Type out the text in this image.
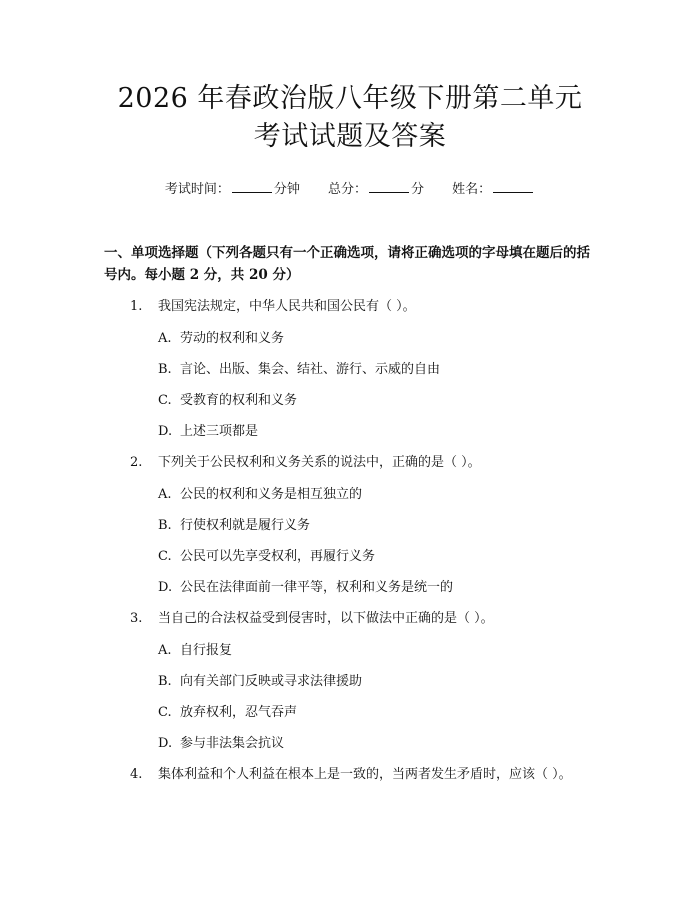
2026 年春政治版八年级下册第二单元考试试题及答案
考试时间：	分钟 总分：	分 姓名：
一、单项选择题（下列各题只有一个正确选项，请将正确选项的字母填在题后的括号内。每小题 2 分，共 20 分）
1.	我国宪法规定，中华人民共和国公民有（ ）。
A. 劳动的权利和义务
B. 言论、出版、集会、结社、游行、示威的自由
C. 受教育的权利和义务
D. 上述三项都是
2.	下列关于公民权利和义务关系的说法中，正确的是（ ）。
A. 公民的权利和义务是相互独立的
B. 行使权利就是履行义务
C. 公民可以先享受权利，再履行义务
D. 公民在法律面前一律平等，权利和义务是统一的
3.	当自己的合法权益受到侵害时，以下做法中正确的是（ ）。
A. 自行报复
B. 向有关部门反映或寻求法律援助
C. 放弃权利，忍气吞声
D. 参与非法集会抗议
4. 集体利益和个人利益在根本上是一致的，当两者发生矛盾时，应该（ ）。
